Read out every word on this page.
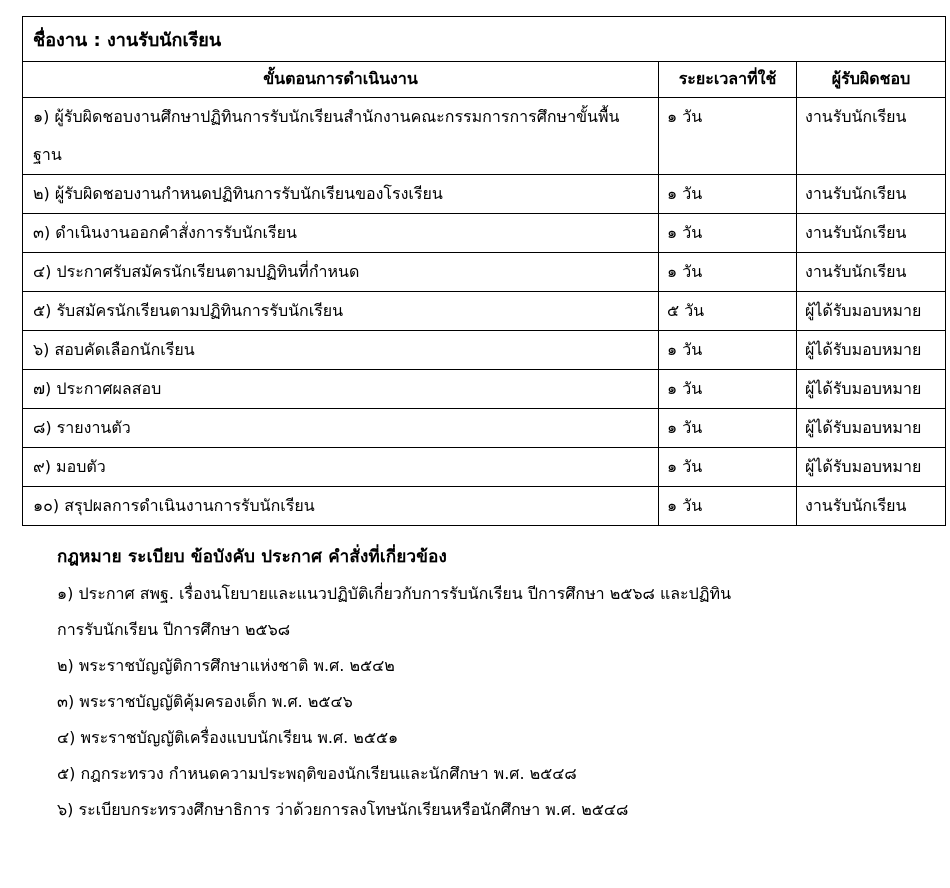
ชื่องาน : งานรับนักเรียน		
ขั้นตอนการดำเนินงาน	ระยะเวลาที่ใช้	ผู้รับผิดชอบ
๑) ผู้รับผิดชอบงานศึกษาปฏิทินการรับนักเรียนสำนักงานคณะกรรมการการศึกษาขั้นพื้นฐาน	๑ วัน	งานรับนักเรียน
๒) ผู้รับผิดชอบงานกำหนดปฏิทินการรับนักเรียนของโรงเรียน	๑ วัน	งานรับนักเรียน
๓) ดำเนินงานออกคำสั่งการรับนักเรียน	๑ วัน	งานรับนักเรียน
๔) ประกาศรับสมัครนักเรียนตามปฏิทินที่กำหนด	๑ วัน	งานรับนักเรียน
๕) รับสมัครนักเรียนตามปฏิทินการรับนักเรียน	๕ วัน	ผู้ได้รับมอบหมาย
๖) สอบคัดเลือกนักเรียน	๑ วัน	ผู้ได้รับมอบหมาย
๗) ประกาศผลสอบ	๑ วัน	ผู้ได้รับมอบหมาย
๘) รายงานตัว	๑ วัน	ผู้ได้รับมอบหมาย
๙) มอบตัว	๑ วัน	ผู้ได้รับมอบหมาย
๑๐) สรุปผลการดำเนินงานการรับนักเรียน	๑ วัน	งานรับนักเรียน
กฎหมาย ระเบียบ ข้อบังคับ ประกาศ คำสั่งที่เกี่ยวข้อง

๑) ประกาศ สพฐ. เรื่องนโยบายและแนวปฏิบัติเกี่ยวกับการรับนักเรียน ปีการศึกษา ๒๕๖๘ และปฏิทิน

การรับนักเรียน ปีการศึกษา ๒๕๖๘

๒) พระราชบัญญัติการศึกษาแห่งชาติ พ.ศ. ๒๕๔๒

๓) พระราชบัญญัติคุ้มครองเด็ก พ.ศ. ๒๕๔๖

๔) พระราชบัญญัติเครื่องแบบนักเรียน พ.ศ. ๒๕๕๑

๕) กฎกระทรวง กำหนดความประพฤติของนักเรียนและนักศึกษา พ.ศ. ๒๕๔๘

๖) ระเบียบกระทรวงศึกษาธิการ ว่าด้วยการลงโทษนักเรียนหรือนักศึกษา พ.ศ. ๒๕๔๘
